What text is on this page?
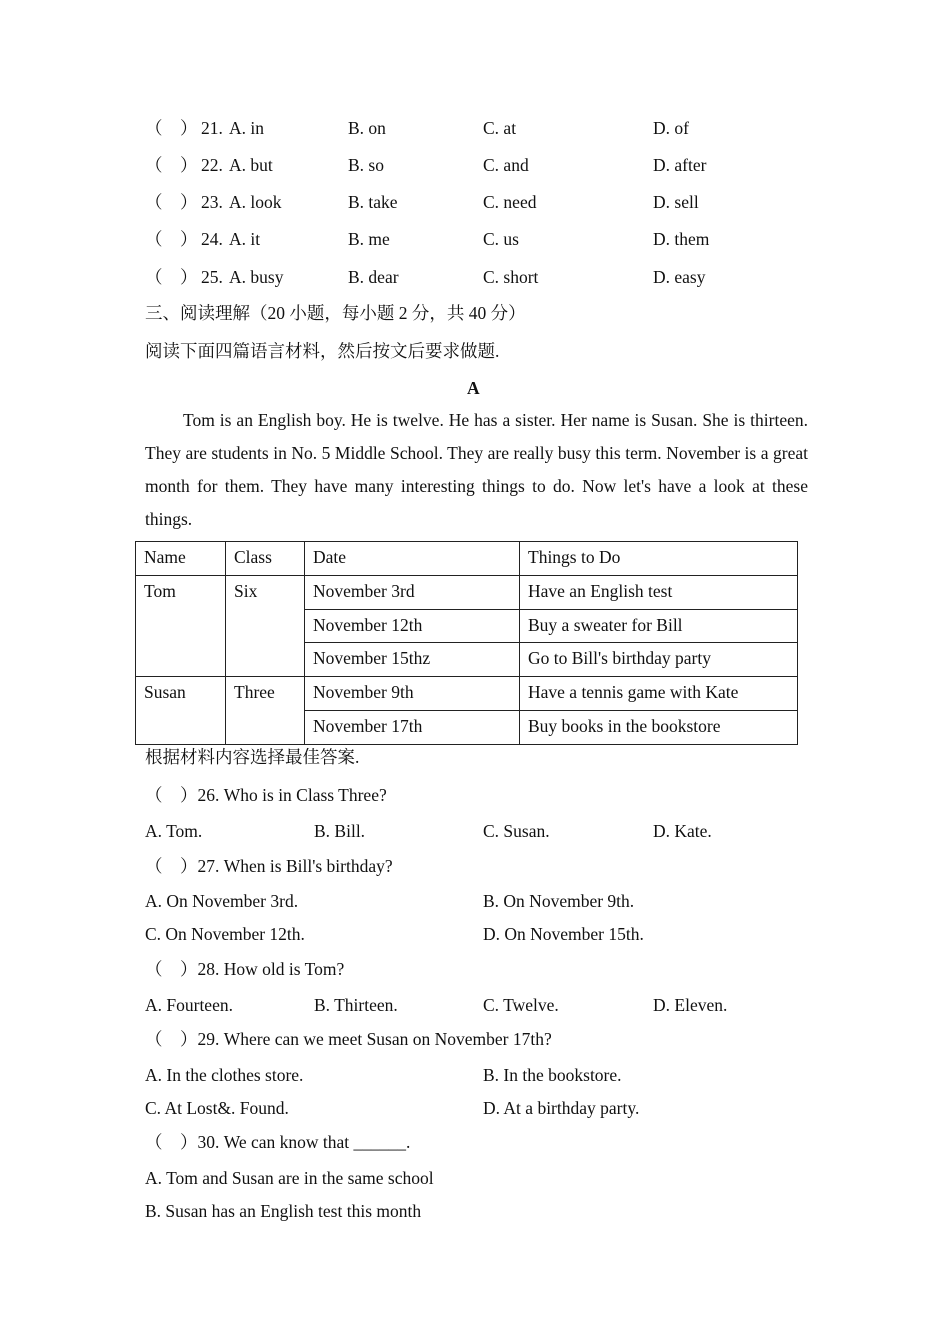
（　） 21. A. in	B. on	C. at	D. of
（　） 22. A. but	B. so	C. and	D. after
（　） 23. A. look	B. take	C. need	D. sell
（　） 24. A. it	B. me	C. us	D. them
（　） 25. A. busy	B. dear	C. short	D. easy
三、阅读理解（20 小题，每小题 2 分，共 40 分）
阅读下面四篇语言材料，然后按文后要求做题.
A

Tom is an English boy. He is twelve. He has a sister. Her name is Susan. She is thirteen. They are students in No. 5 Middle School. They are really busy this term. November is a great month for them. They have many interesting things to do. Now let's have a look at these things.

Name	Class	Date	Things to Do
Tom	Six	November 3rd	Have an English test
		November 12th	Buy a sweater for Bill
		November 15thz	Go to Bill's birthday party
Susan	Three	November 9th	Have a tennis game with Kate
		November 17th	Buy books in the bookstore
根据材料内容选择最佳答案.
（　）26. Who is in Class Three?
A. Tom.	B. Bill.	C. Susan.	D. Kate.
（　）27. When is Bill's birthday?
A. On November 3rd.	B. On November 9th.
C. On November 12th.	D. On November 15th.
（　）28. How old is Tom?
A. Fourteen.	B. Thirteen.	C. Twelve.	D. Eleven.
（　）29. Where can we meet Susan on November 17th?
A. In the clothes store.	B. In the bookstore.
C. At Lost&. Found.	D. At a birthday party.
（　）30. We can know that ______.
A. Tom and Susan are in the same school
B. Susan has an English test this month
